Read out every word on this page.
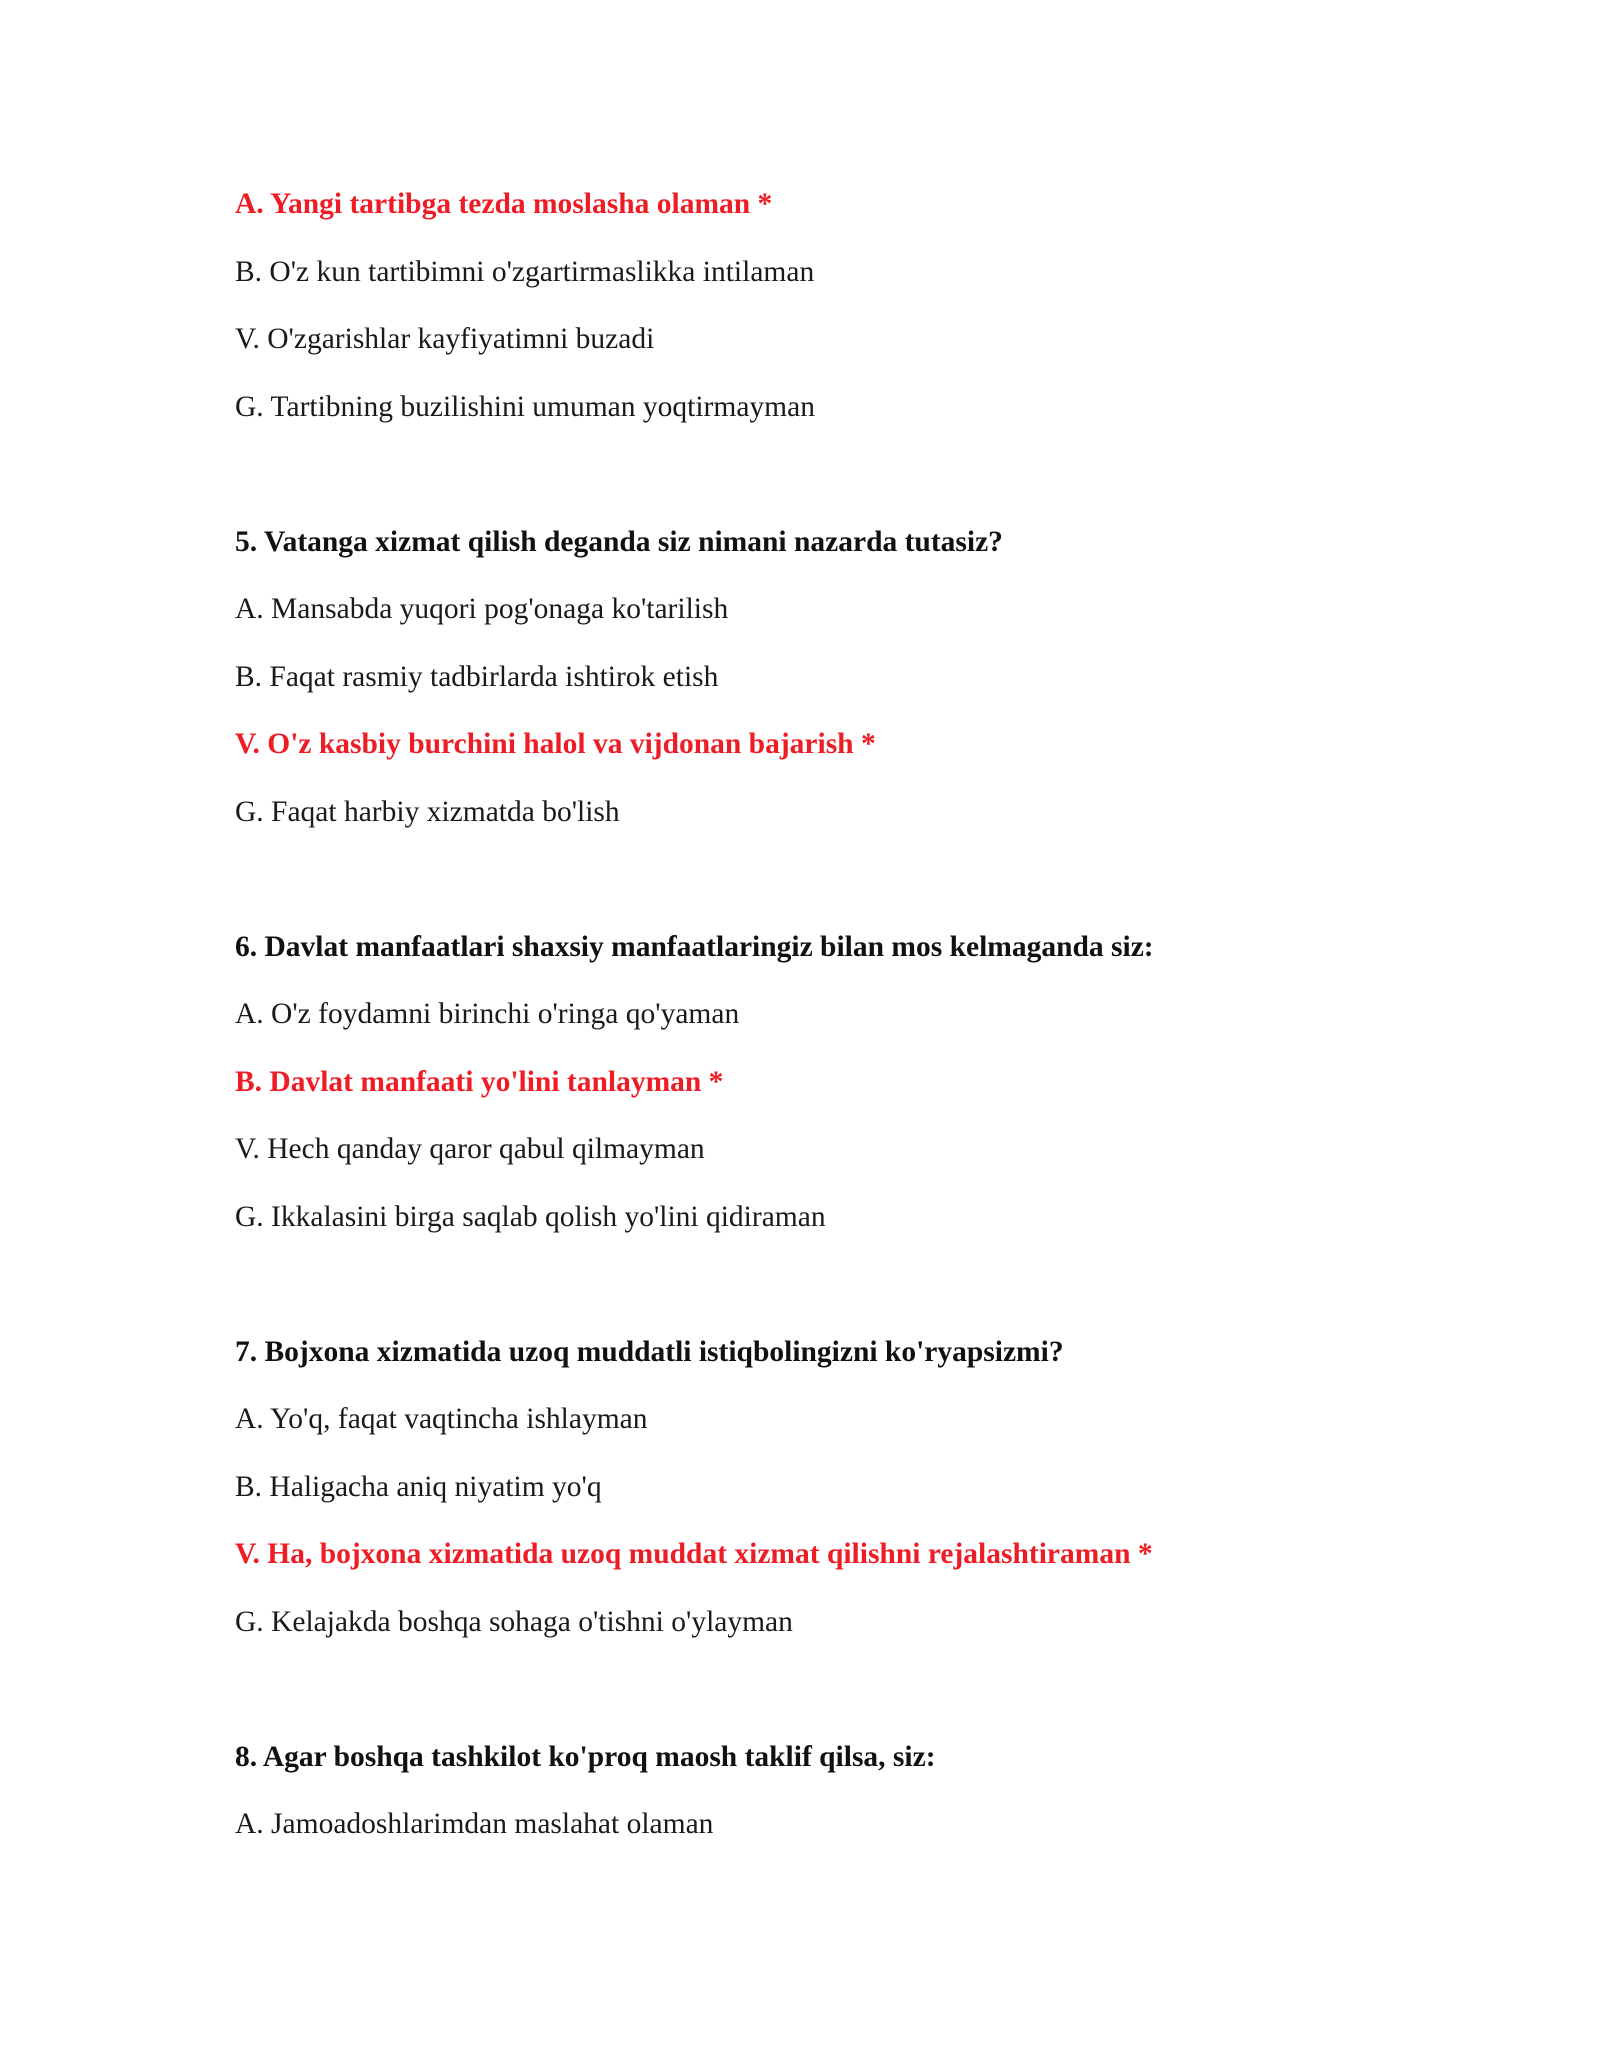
A. Yangi tartibga tezda moslasha olaman *
B. O'z kun tartibimni o'zgartirmaslikka intilaman
V. O'zgarishlar kayfiyatimni buzadi
G. Tartibning buzilishini umuman yoqtirmayman
5. Vatanga xizmat qilish deganda siz nimani nazarda tutasiz?
A. Mansabda yuqori pog'onaga ko'tarilish
B. Faqat rasmiy tadbirlarda ishtirok etish
V. O'z kasbiy burchini halol va vijdonan bajarish *
G. Faqat harbiy xizmatda bo'lish
6. Davlat manfaatlari shaxsiy manfaatlaringiz bilan mos kelmaganda siz:
A. O'z foydamni birinchi o'ringa qo'yaman
B. Davlat manfaati yo'lini tanlayman *
V. Hech qanday qaror qabul qilmayman
G. Ikkalasini birga saqlab qolish yo'lini qidiraman
7. Bojxona xizmatida uzoq muddatli istiqbolingizni ko'ryapsizmi?
A. Yo'q, faqat vaqtincha ishlayman
B. Haligacha aniq niyatim yo'q
V. Ha, bojxona xizmatida uzoq muddat xizmat qilishni rejalashtiraman *
G. Kelajakda boshqa sohaga o'tishni o'ylayman
8. Agar boshqa tashkilot ko'proq maosh taklif qilsa, siz:
A. Jamoadoshlarimdan maslahat olaman
